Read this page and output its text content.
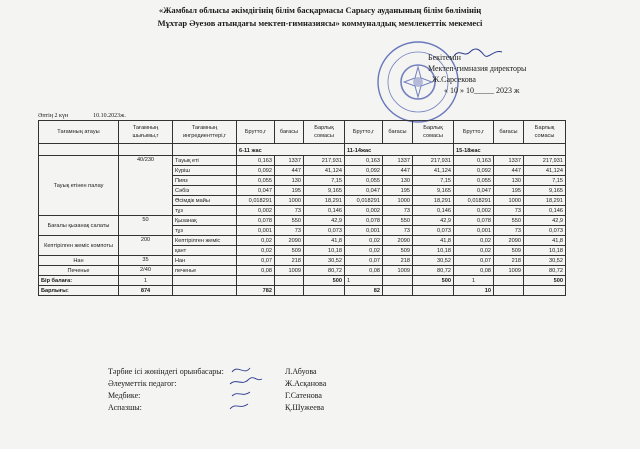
«Жамбыл облысы әкімдігінің білім басқармасы Сарысу ауданының білім бөлімінің
Мұхтар Әуезов атындағы мектеп-гимназиясы» коммуналдық мемлекеттік мекемесі
Бекітемін
Мектеп-гимназия директоры
Ж.Сарсекова
« 10 » 10_____ 2023 ж
Әптің 2 күн	10.10.2023ж.
Тағамның атауы	Тағамның шығымы,г	Тағамның ингредиенттері,г	Брутто,г	бағасы	Барлық сомасы	Брутто,г	бағасы	Барлық сомасы	Брутто,г	бағасы	Барлық сомасы
			6-11 жас			11-14жас			15-18жас		
Тауық етінен палау	40/230	Тауық еті	0,163	1337	217,931	0,163	1337	217,931	0,163	1337	217,931
		Күріш	0,092	447	41,124	0,092	447	41,124	0,092	447	41,124
		Пияз	0,055	130	7,15	0,055	130	7,15	0,055	130	7,15
		Сәбіз	0,047	195	9,165	0,047	195	9,165	0,047	195	9,165
		Өсімдік майы	0,018291	1000	18,291	0,018291	1000	18,291	0,018291	1000	18,291
		тұз	0,002	73	0,146	0,002	73	0,146	0,002	73	0,146
Бағалы қызанақ салаты	50	Қызанақ	0,078	550	42,9	0,078	550	42,9	0,078	550	42,9
		тұз	0,001	73	0,073	0,001	73	0,073	0,001	73	0,073
Кептірілген жеміс компоты	200	Кептірілген жеміс	0,02	2090	41,8	0,02	2090	41,8	0,02	2090	41,8
		қант	0,02	509	10,18	0,02	509	10,18	0,02	509	10,18
Нан	35	Нан	0,07	218	30,52	0,07	218	30,52	0,07	218	30,52
Печенье	2/40	печенье	0,08	1009	80,72	0,08	1009	80,72	0,08	1009	80,72
Бір балаға:	1				500	1		500	1		500
Барлығы:	874		782			82			10		
Тәрбие ісі жөніндегі орынбасары:
Әлеуметтік педагог:
Медбике:
Аспазшы:
Л.Абуова
Ж.Асқанова
Г.Сатенова
Қ.Шужеева
